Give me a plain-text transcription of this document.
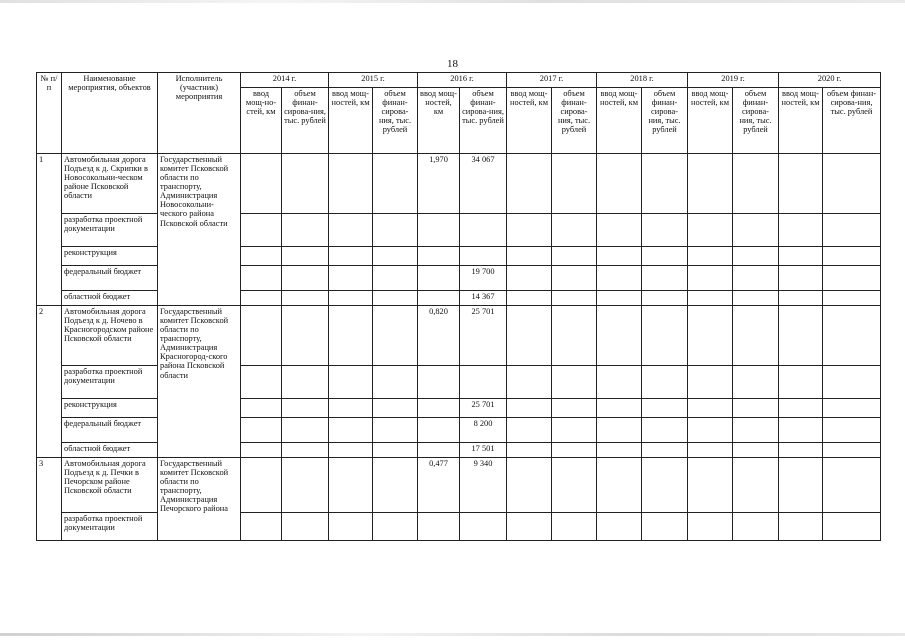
18
№ п/п	Наименование мероприятия, объектов	Исполнитель (участник) мероприятия	2014 г.		2015 г.		2016 г.		2017 г.		2018 г.		2019 г.		2020 г.	
			ввод мощ-но-стей, км	объем финан-сирова-ния, тыс. рублей	ввод мощ-ностей, км	объем финан-сирова-ния, тыс. рублей	ввод мощ-ностей, км	объем финан-сирова-ния, тыс. рублей	ввод мощ-ностей, км	объем финан-сирова-ния, тыс. рублей	ввод мощ-ностей, км	объем финан-сирова-ния, тыс. рублей	ввод мощ-ностей, км	объем финан-сирова-ния, тыс. рублей	ввод мощ-ностей, км	объем финан-сирова-ния, тыс. рублей
1	Автомобильная дорога Подъезд к д. Скрипки в Новосокольни-ческом районе Псковской области	Государственный комитет Псковской области по транспорту, Администрация Новосокольни-ческого района Псковской области					1,970	34 067								
	разработка проектной документации															
	реконструкция															
	федеральный бюджет							19 700								
	областной бюджет							14 367								
2	Автомобильная дорога Подъезд к д. Ночево в Красногородском районе Псковской области	Государственный комитет Псковской области по транспорту, Администрация Красногород-ского района Псковской области					0,820	25 701								
	разработка проектной документации															
	реконструкция							25 701								
	федеральный бюджет							8 200								
	областной бюджет							17 501								
3	Автомобильная дорога Подъезд к д. Печки в Печорском районе Псковской области	Государственный комитет Псковской области по транспорту, Администрация Печорского района					0,477	9 340								
	разработка проектной документации															
